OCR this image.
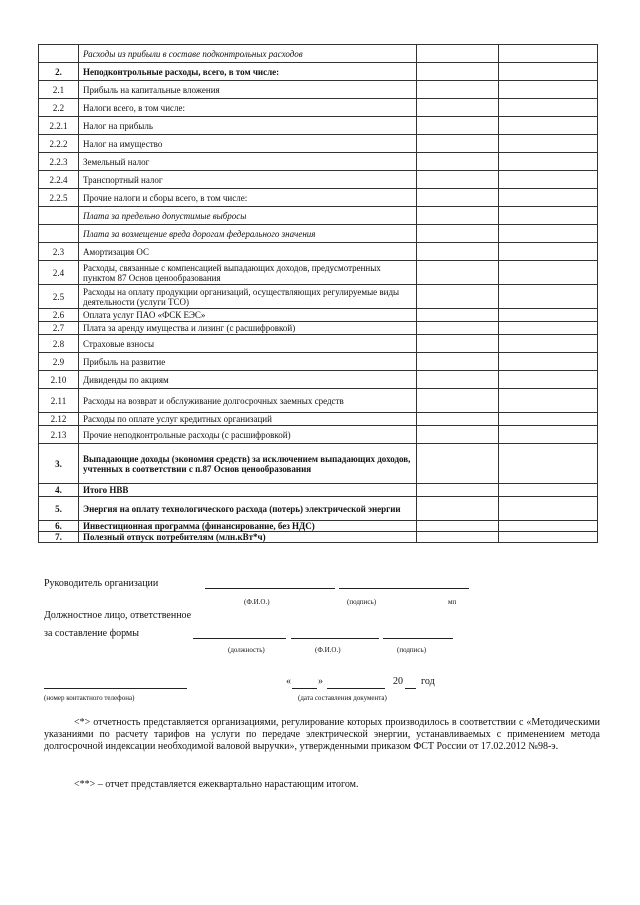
	Расходы из прибыли в составе подконтрольных расходов		
2.	Неподконтрольные расходы, всего, в том числе:		
2.1	Прибыль на капитальные вложения		
2.2	Налоги всего, в том числе:		
2.2.1	Налог на прибыль		
2.2.2	Налог на имущество		
2.2.3	Земельный налог		
2.2.4	Транспортный налог		
2.2.5	Прочие налоги и сборы всего, в том числе:		
	Плата за предельно допустимые выбросы		
	Плата за возмещение вреда дорогам федерального значения		
2.3	Амортизация ОС		
2.4	Расходы, связанные с компенсацией выпадающих доходов, предусмотренных пунктом 87 Основ ценообразования		
2.5	Расходы на оплату продукции организаций, осуществляющих регулируемые виды деятельности (услуги ТСО)		
2.6	Оплата услуг ПАО «ФСК ЕЭС»		
2.7	Плата за аренду имущества и лизинг (с расшифровкой)		
2.8	Страховые взносы		
2.9	Прибыль на развитие		
2.10	Дивиденды по акциям		
2.11	Расходы на возврат и обслуживание долгосрочных заемных средств		
2.12	Расходы по оплате услуг кредитных организаций		
2.13	Прочие неподконтрольные расходы (с расшифровкой)		
3.	Выпадающие доходы (экономия средств) за исключением выпадающих доходов, учтенных в соответствии с п.87 Основ ценообразования		
4.	Итого НВВ		
5.	Энергия на оплату технологического расхода (потерь) электрической энергии		
6.	Инвестиционная программа (финансирование, без НДС)		
7.	Полезный отпуск потребителям (млн.кВт*ч)		
Руководитель организации
(Ф.И.О.)	(подпись)	мп
Должностное лицо, ответственное
за составление формы
(должность)	(Ф.И.О.)	(подпись)
«	»	20 год
(номер контактного телефона)	(дата составления документа)
<*> отчетность представляется организациями, регулирование которых производилось в соответствии с «Методическими указаниями по расчету тарифов на услуги по передаче электрической энергии, устанавливаемых с применением метода долгосрочной индексации необходимой валовой выручки», утвержденными приказом ФСТ России от 17.02.2012 №98-э.
<**> – отчет представляется ежеквартально нарастающим итогом.
